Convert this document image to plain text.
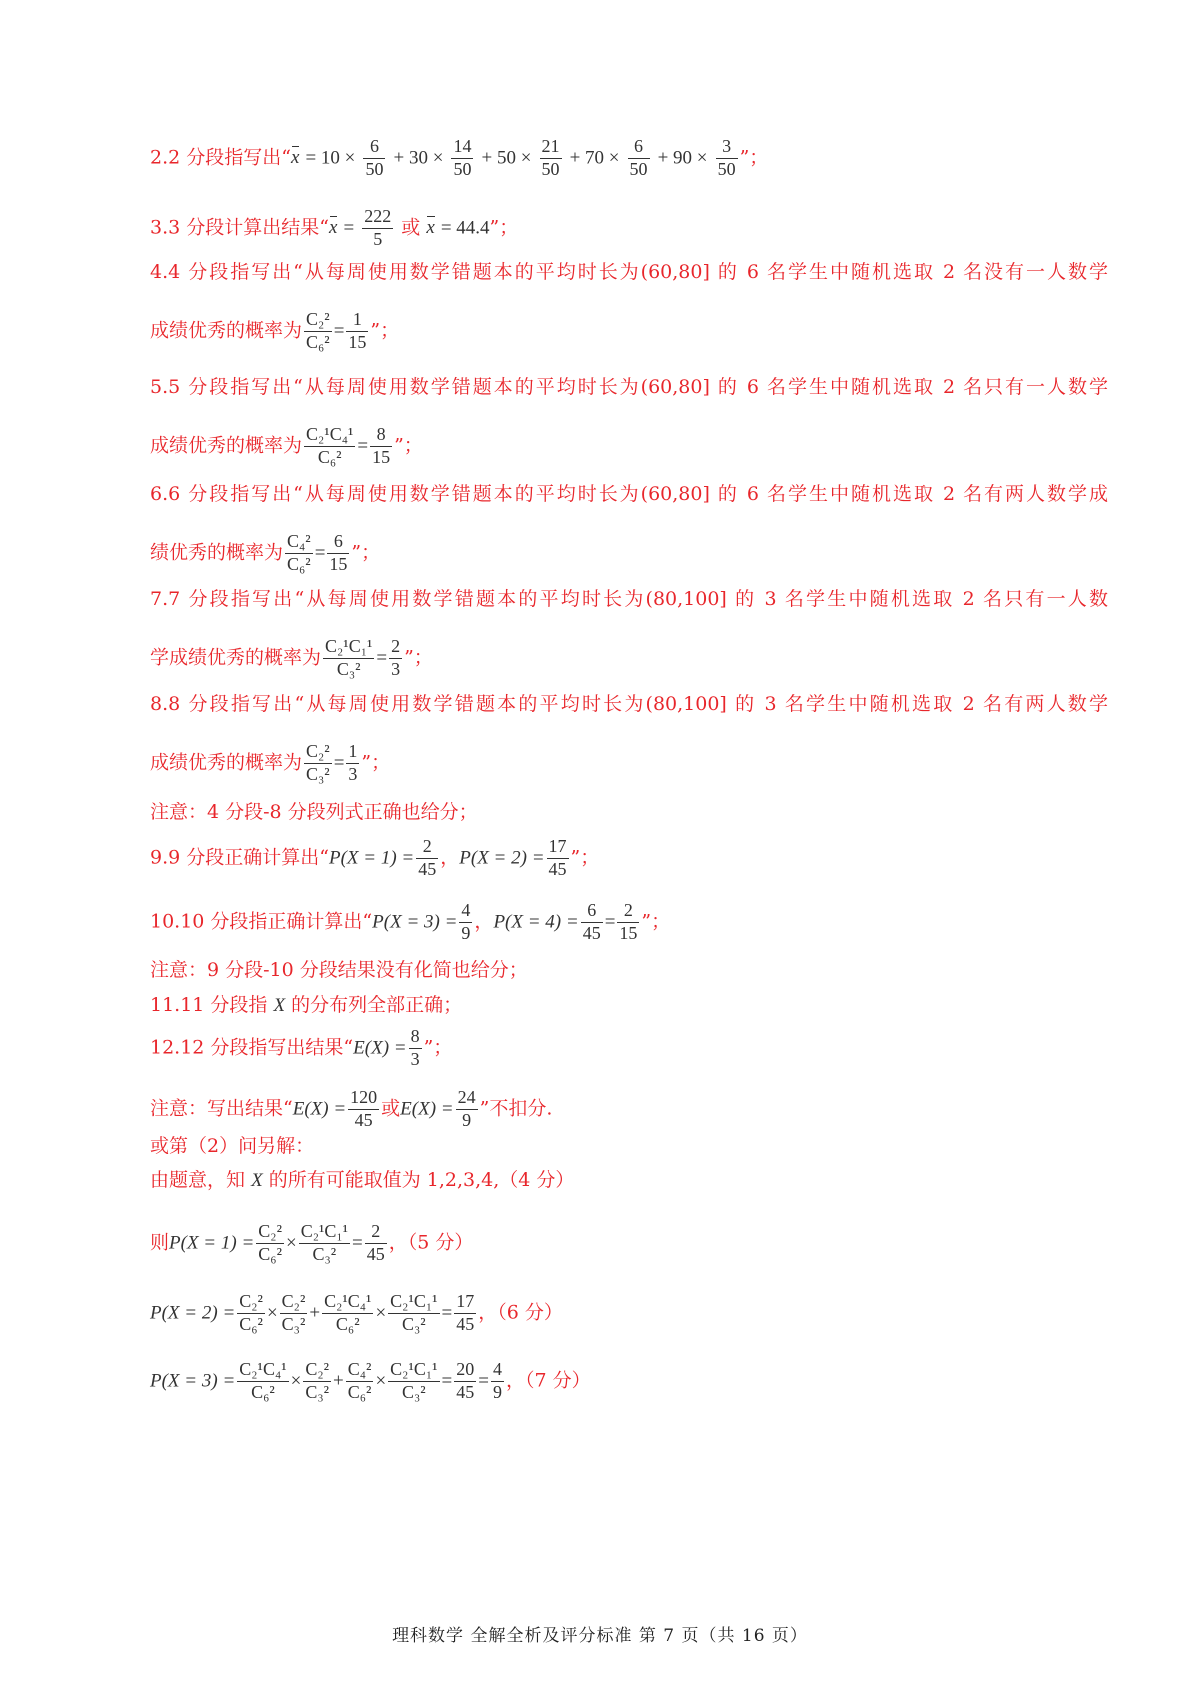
2.2 分段指写出“$x = 10 \times \frac{6}{50} + 30 \times \frac{14}{50} + 50 \times \frac{21}{50} + 70 \times \frac{6}{50} + 90 \times \frac{3}{50}$ ”；
3.3 分段计算出结果“$x = \frac{222}{5}$ 或 x = 44.4”；
4.4 分段指写出“从每周使用数学错题本的平均时长为(60,80] 的 6 名学生中随机选取 2 名没有一人数学
成绩优秀的概率为 $\frac{\text{C₂²}}{\text{C₆²}} = \frac{1}{15}$ ”；
5.5 分段指写出“从每周使用数学错题本的平均时长为(60,80] 的 6 名学生中随机选取 2 名只有一人数学
成绩优秀的概率为 $\frac{\text{C₂¹C₄¹}}{\text{C₆²}} = \frac{8}{15}$ ”；
6.6 分段指写出“从每周使用数学错题本的平均时长为(60,80] 的 6 名学生中随机选取 2 名有两人数学成
绩优秀的概率为 $\frac{\text{C₄²}}{\text{C₆²}} = \frac{6}{15}$ ”；
7.7 分段指写出“从每周使用数学错题本的平均时长为(80,100] 的 3 名学生中随机选取 2 名只有一人数
学成绩优秀的概率为 $\frac{\text{C₂¹C₁¹}}{\text{C₃²}} = \frac{2}{3}$ ”；
8.8 分段指写出“从每周使用数学错题本的平均时长为(80,100] 的 3 名学生中随机选取 2 名有两人数学
成绩优秀的概率为 $\frac{\text{C₂²}}{\text{C₃²}} = \frac{1}{3}$ ”；
注意：4 分段-8 分段列式正确也给分；
9.9 分段正确计算出“$P(X = 1) = \frac{2}{45}$ ，$P(X = 2) = \frac{17}{45}$ ”；
10.10 分段指正确计算出“$P(X = 3) = \frac{4}{9}$ ，$P(X = 4) = \frac{6}{45} = \frac{2}{15}$ ”；
注意：9 分段-10 分段结果没有化简也给分；
11.11 分段指 X 的分布列全部正确；
12.12 分段指写出结果“$E(X) = \frac{8}{3}$ ”；
注意：写出结果“$E(X) = \frac{120}{45}$ 或$E(X) = \frac{24}{9}$ ”不扣分.
或第（2）问另解：
由题意，知 X 的所有可能取值为 1,2,3,4,（4 分）
则$P(X = 1) = \frac{\text{C₂²}}{\text{C₆²}} \times \frac{\text{C₂¹C₁¹}}{\text{C₃²}} = \frac{2}{45}$ ，（5 分）
$P(X = 2) = \frac{\text{C₂²}}{\text{C₆²}} \times \frac{\text{C₂²}}{\text{C₃²}} + \frac{\text{C₂¹C₄¹}}{\text{C₆²}} \times \frac{\text{C₂¹C₁¹}}{\text{C₃²}} = \frac{17}{45}$ ，（6 分）
$P(X = 3) = \frac{\text{C₂¹C₄¹}}{\text{C₆²}} \times \frac{\text{C₂²}}{\text{C₃²}} + \frac{\text{C₄²}}{\text{C₆²}} \times \frac{\text{C₂¹C₁¹}}{\text{C₃²}} = \frac{20}{45} = \frac{4}{9}$ ，（7 分）
理科数学 全解全析及评分标准 第 7 页（共 16 页）
